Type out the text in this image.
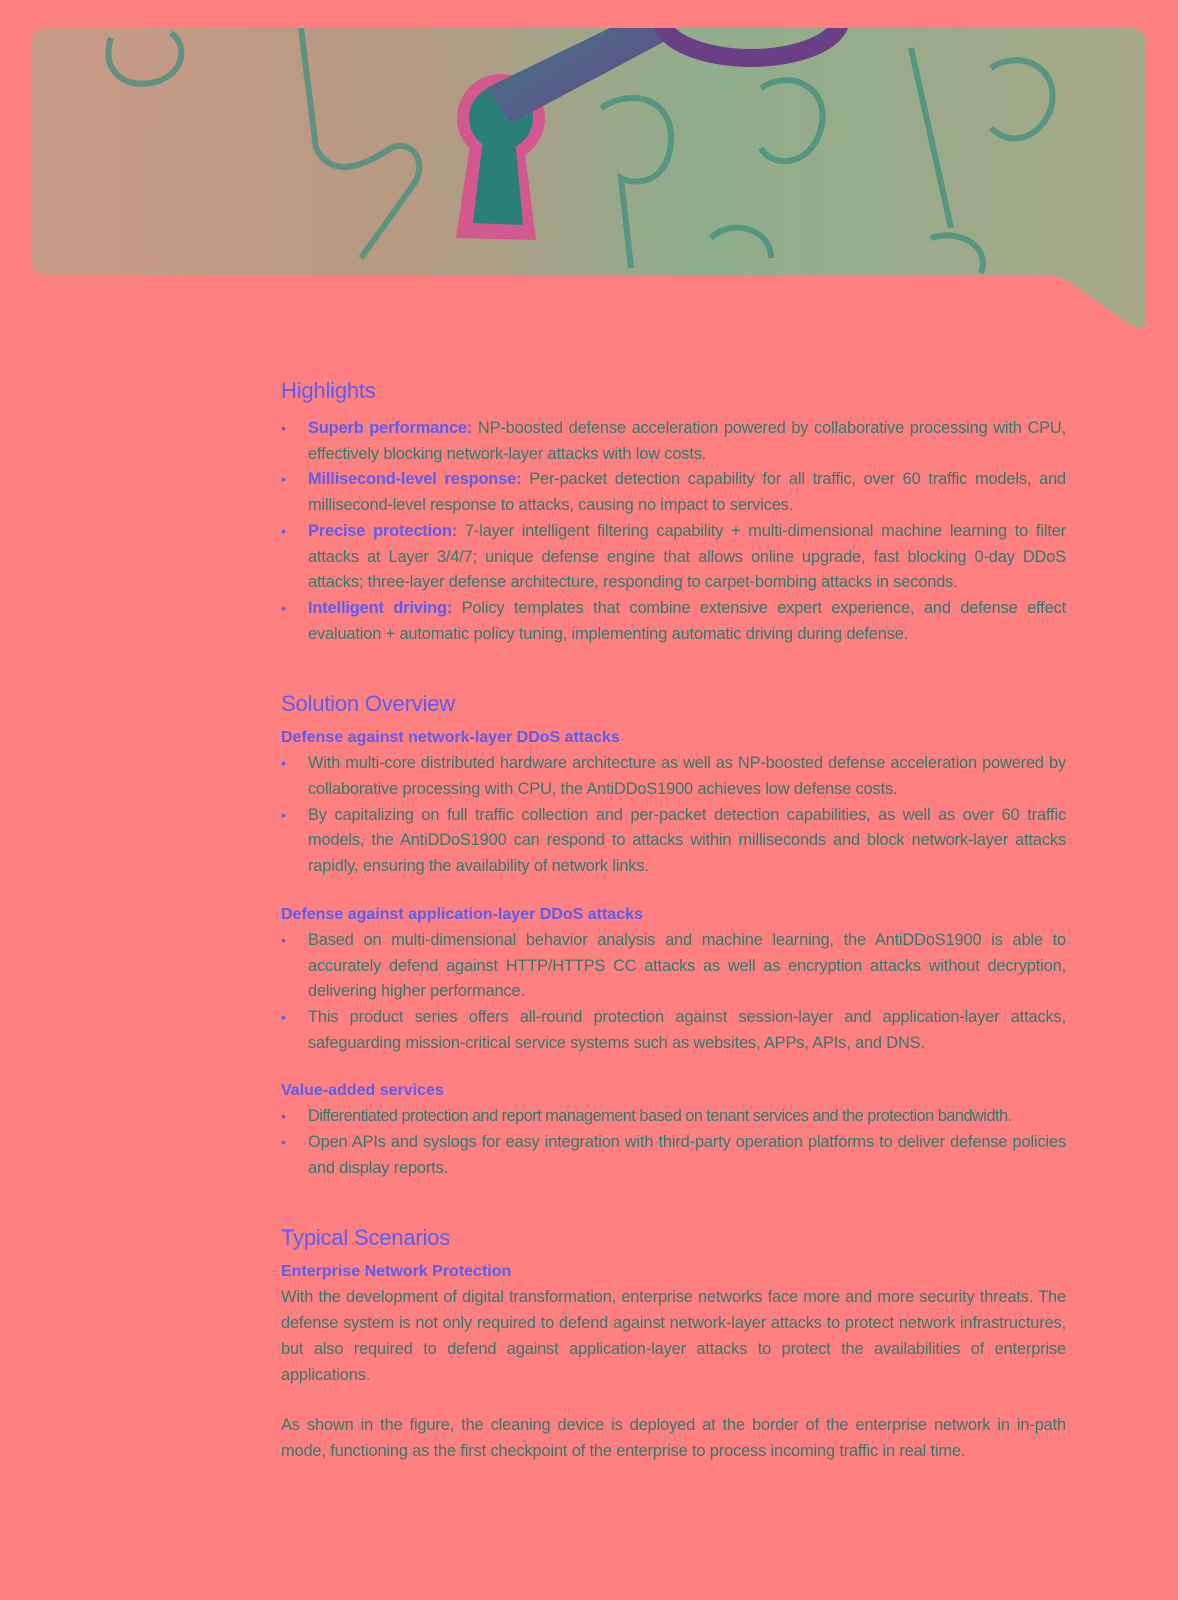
Highlights
• Superb performance: NP-boosted defense acceleration powered by collaborative processing with CPU, effectively blocking network-layer attacks with low costs.
• Millisecond-level response: Per-packet detection capability for all traffic, over 60 traffic models, and millisecond-level response to attacks, causing no impact to services.
• Precise protection: 7-layer intelligent filtering capability + multi-dimensional machine learning to filter attacks at Layer 3/4/7; unique defense engine that allows online upgrade, fast blocking 0-day DDoS attacks; three-layer defense architecture, responding to carpet-bombing attacks in seconds.
• Intelligent driving: Policy templates that combine extensive expert experience, and defense effect evaluation + automatic policy tuning, implementing automatic driving during defense.
Solution Overview
Defense against network-layer DDoS attacks
• With multi-core distributed hardware architecture as well as NP-boosted defense acceleration powered by collaborative processing with CPU, the AntiDDoS1900 achieves low defense costs.
• By capitalizing on full traffic collection and per-packet detection capabilities, as well as over 60 traffic models, the AntiDDoS1900 can respond to attacks within milliseconds and block network-layer attacks rapidly, ensuring the availability of network links.
Defense against application-layer DDoS attacks
• Based on multi-dimensional behavior analysis and machine learning, the AntiDDoS1900 is able to accurately defend against HTTP/HTTPS CC attacks as well as encryption attacks without decryption, delivering higher performance.
• This product series offers all-round protection against session-layer and application-layer attacks, safeguarding mission-critical service systems such as websites, APPs, APIs, and DNS.
Value-added services
• Differentiated protection and report management based on tenant services and the protection bandwidth.
• Open APIs and syslogs for easy integration with third-party operation platforms to deliver defense policies and display reports.
Typical Scenarios
Enterprise Network Protection

With the development of digital transformation, enterprise networks face more and more security threats. The defense system is not only required to defend against network-layer attacks to protect network infrastructures, but also required to defend against application-layer attacks to protect the availabilities of enterprise applications.

As shown in the figure, the cleaning device is deployed at the border of the enterprise network in in-path mode, functioning as the first checkpoint of the enterprise to process incoming traffic in real time.
